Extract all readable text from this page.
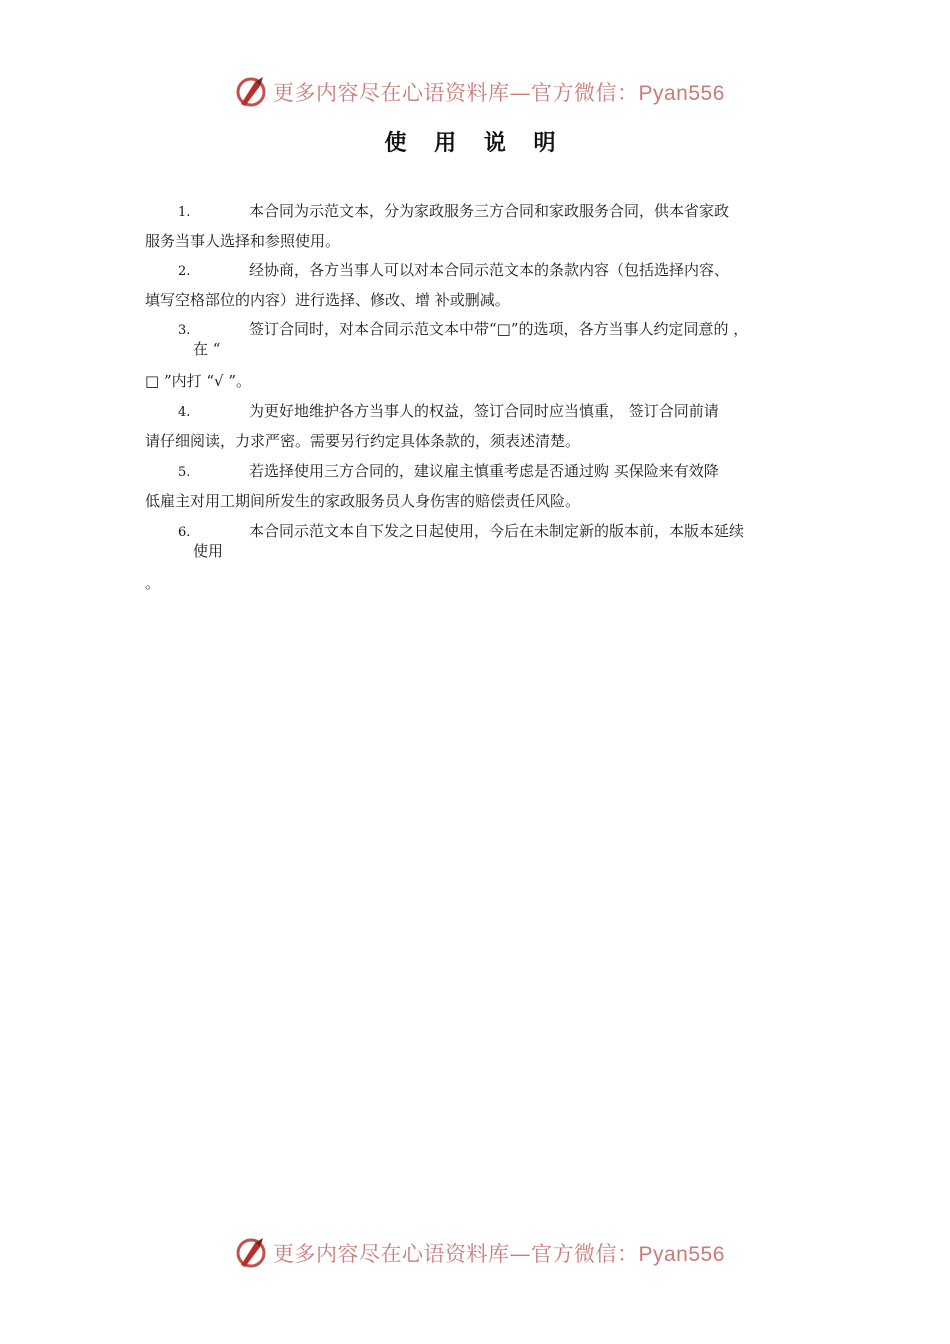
更多内容尽在心语资料库—官方微信：Pyan556
使 用 说 明
1.	本合同为示范文本，分为家政服务三方合同和家政服务合同，供本省家政
服务当事人选择和参照使用。
2.	经协商，各方当事人可以对本合同示范文本的条款内容（包括选择内容、
填写空格部位的内容）进行选择、修改、增 补或删减。
3.	签订合同时，对本合同示范文本中带“□”的选项，各方当事人约定同意的 ，
在 “
□ ”内打 “√ ”。
4.	为更好地维护各方当事人的权益，签订合同时应当慎重， 签订合同前请
请仔细阅读，力求严密。需要另行约定具体条款的，须表述清楚。
5.	若选择使用三方合同的，建议雇主慎重考虑是否通过购 买保险来有效降
低雇主对用工期间所发生的家政服务员人身伤害的赔偿责任风险。
6.	本合同示范文本自下发之日起使用，今后在未制定新的版本前，本版本延续
使用
。
更多内容尽在心语资料库—官方微信：Pyan556
